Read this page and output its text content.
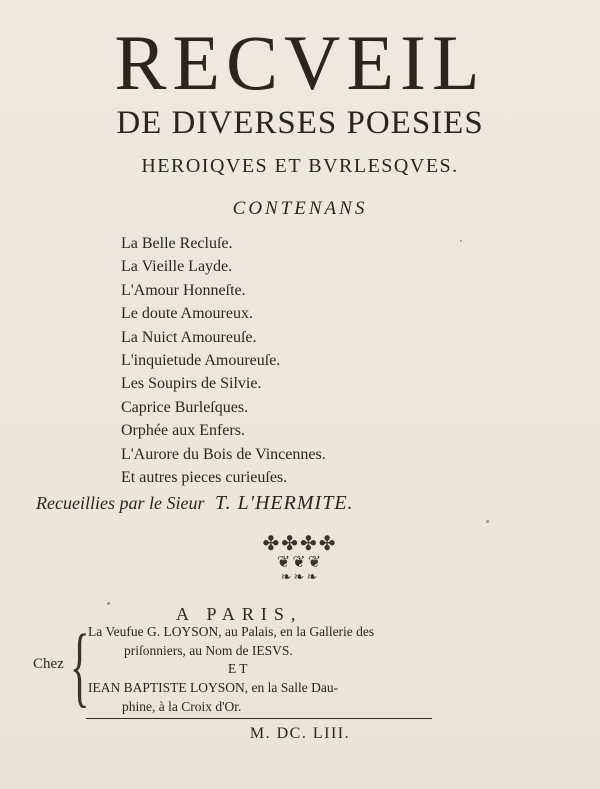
RECVEIL
DE DIVERSES POESIES
HEROIQVES ET BVRLESQVES.
CONTENANS
La Belle Recluſe.
La Vieille Layde.
L'Amour Honneſte.
Le doute Amoureux.
La Nuict Amoureuſe.
L'inquietude Amoureuſe.
Les Soupirs de Silvie.
Caprice Burleſques.
Orphée aux Enfers.
L'Aurore du Bois de Vincennes.
Et autres pieces curieuſes.
Recueillies par le Sieur T. L'HERMITE.
✤✤✤✤
❦❦❦
❧❧❧
A PARIS,
Chez {
La Veufue G. LOYSON, au Palais, en la Gallerie des
priſonniers, au Nom de IESVS.
ET
IEAN BAPTISTE LOYSON, en la Salle Dau-
phine, à la Croix d'Or.
M. DC. LIII.
